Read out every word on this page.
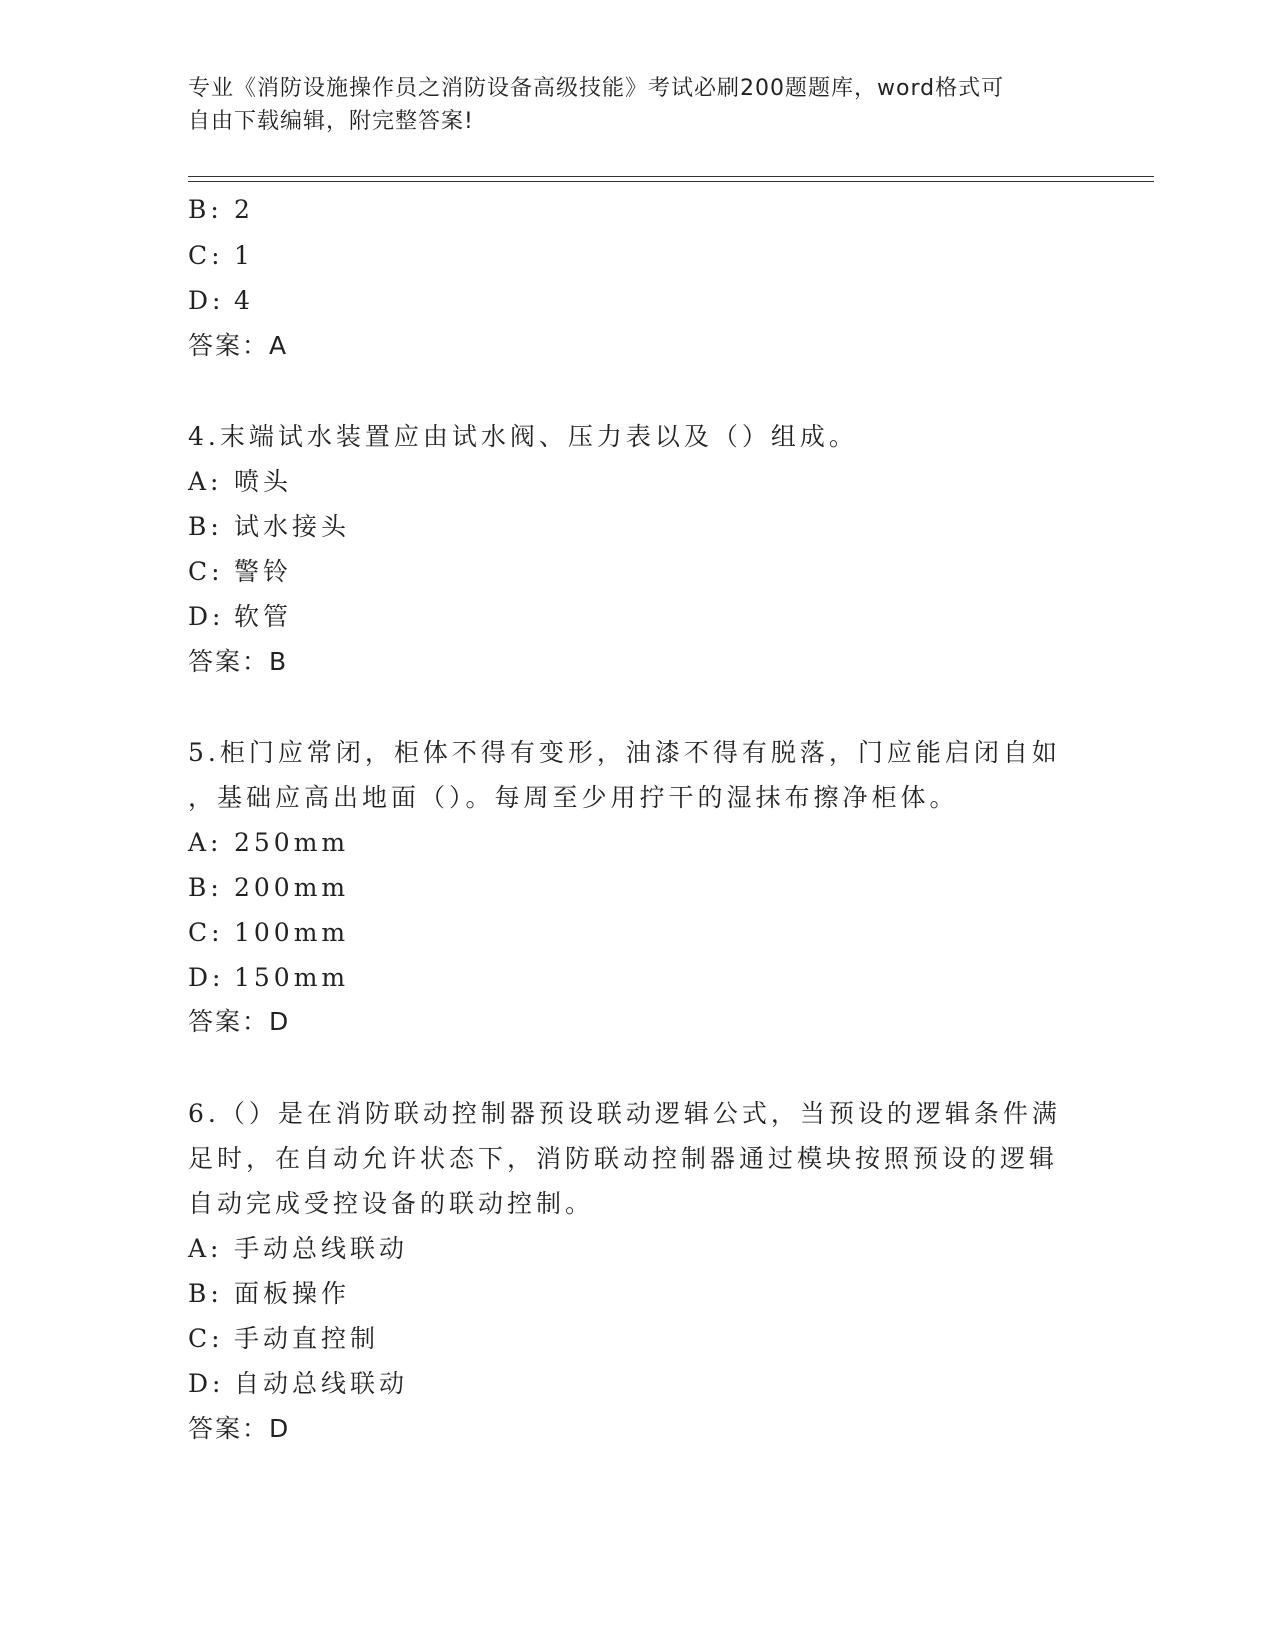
专业《消防设施操作员之消防设备高级技能》考试必刷200题题库，word格式可
自由下载编辑，附完整答案!
B: 2
C: 1
D: 4
答案：A
4.末端试水装置应由试水阀、压力表以及（）组成。
A: 喷头
B: 试水接头
C: 警铃
D: 软管
答案：B
5.柜门应常闭，柜体不得有变形，油漆不得有脱落，门应能启闭自如
，基础应高出地面（）。每周至少用拧干的湿抹布擦净柜体。
A: 250mm
B: 200mm
C: 100mm
D: 150mm
答案：D
6.（）是在消防联动控制器预设联动逻辑公式，当预设的逻辑条件满
足时，在自动允许状态下，消防联动控制器通过模块按照预设的逻辑
自动完成受控设备的联动控制。
A: 手动总线联动
B: 面板操作
C: 手动直控制
D: 自动总线联动
答案：D
